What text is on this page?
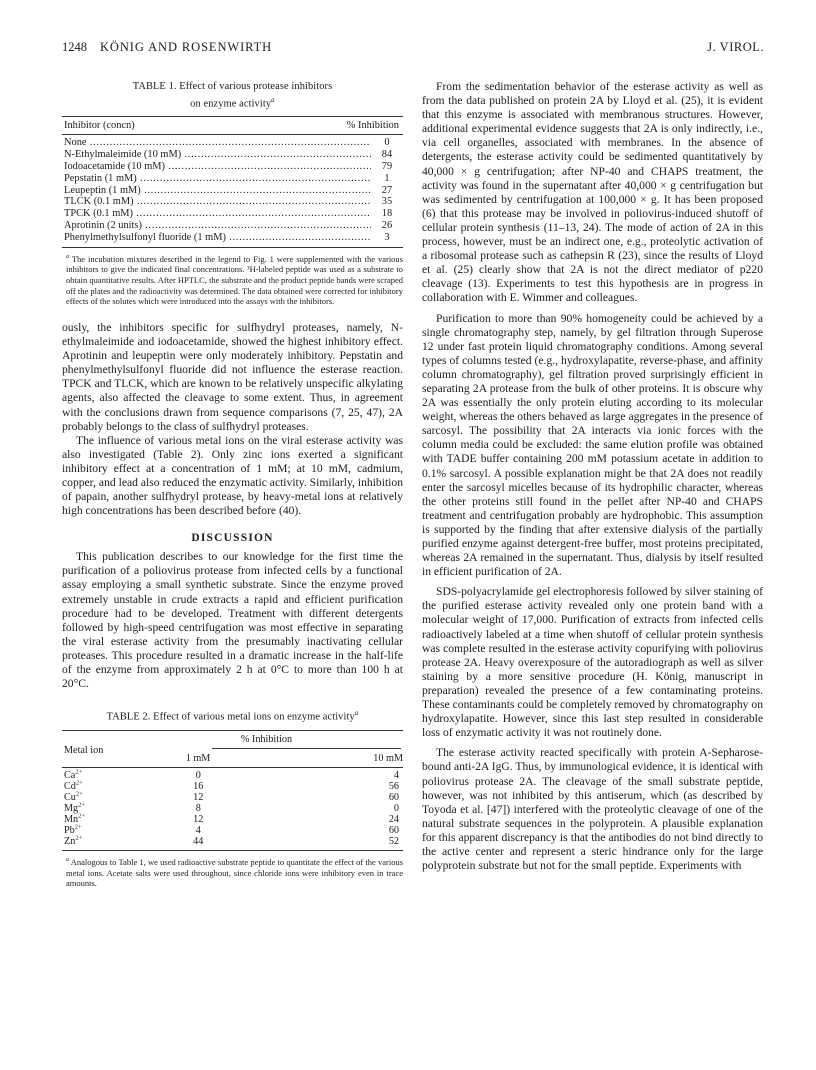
1248 KÖNIG AND ROSENWIRTH	J. VIROL.
TABLE 1. Effect of various protease inhibitors
on enzyme activity$^a$
Inhibitor (concn)	% Inhibition
None .....	0
N-Ethylmaleimide (10 mM) .....	84
Iodoacetamide (10 mM) .....	79
Pepstatin (1 mM) .....	1
Leupeptin (1 mM) .....	27
TLCK (0.1 mM) .....	35
TPCK (0.1 mM) .....	18
Aprotinin (2 units) .....	26
Phenylmethylsulfonyl fluoride (1 mM) .....	3
$^a$ The incubation mixtures described in the legend to Fig. 1 were supplemented with the various inhibitors to give the indicated final concentrations. ³H-labeled peptide was used as a substrate to obtain quantitative results. After HPTLC, the substrate and the product peptide bands were scraped off the plates and the radioactivity was determined. The data obtained were corrected for inhibitory effects of the solutes which were introduced into the assays with the inhibitors.

ously, the inhibitors specific for sulfhydryl proteases, namely, N-ethylmaleimide and iodoacetamide, showed the highest inhibitory effect. Aprotinin and leupeptin were only moderately inhibitory. Pepstatin and phenylmethylsulfonyl fluoride did not influence the esterase reaction. TPCK and TLCK, which are known to be relatively unspecific alkylating agents, also affected the cleavage to some extent. Thus, in agreement with the conclusions drawn from sequence comparisons (7, 25, 47), 2A probably belongs to the class of sulfhydryl proteases.

The influence of various metal ions on the viral esterase activity was also investigated (Table 2). Only zinc ions exerted a significant inhibitory effect at a concentration of 1 mM; at 10 mM, cadmium, copper, and lead also reduced the enzymatic activity. Similarly, inhibition of papain, another sulfhydryl protease, by heavy-metal ions at relatively high concentrations has been described before (40).

DISCUSSION

This publication describes to our knowledge for the first time the purification of a poliovirus protease from infected cells by a functional assay employing a small synthetic substrate. Since the enzyme proved extremely unstable in crude extracts a rapid and efficient purification procedure had to be developed. Treatment with different detergents followed by high-speed centrifugation was most effective in separating the viral esterase activity from the presumably inactivating cellular proteases. This procedure resulted in a dramatic increase in the half-life of the enzyme from approximately 2 h at 0°C to more than 100 h at 20°C.

TABLE 2. Effect of various metal ions on enzyme activity$^a$
Metal ion
% Inhibition
1 mM	10 mM
$Ca^{2+}$	0	4
$Cd^{2+}$	16	56
$Cu^{2+}$	12	60
$Mg^{2+}$	8	0
$Mn^{2+}$	12	24
$Pb^{2+}$	4	60
$Zn^{2+}$	44	52
$^a$ Analogous to Table 1, we used radioactive substrate peptide to quantitate the effect of the various metal ions. Acetate salts were used throughout, since chloride ions were inhibitory even in trace amounts.

From the sedimentation behavior of the esterase activity as well as from the data published on protein 2A by Lloyd et al. (25), it is evident that this enzyme is associated with membranous structures. However, additional experimental evidence suggests that 2A is only indirectly, i.e., via cell organelles, associated with membranes. In the absence of detergents, the esterase activity could be sedimented quantitatively by 40,000 × g centrifugation; after NP-40 and CHAPS treatment, the activity was found in the supernatant after 40,000 × g centrifugation but was sedimented by centrifugation at 100,000 × g. It has been proposed (6) that this protease may be involved in poliovirus-induced shutoff of cellular protein synthesis (11–13, 24). The mode of action of 2A in this process, however, must be an indirect one, e.g., proteolytic activation of a ribosomal protease such as cathepsin R (23), since the results of Lloyd et al. (25) clearly show that 2A is not the direct mediator of p220 cleavage (13). Experiments to test this hypothesis are in progress in collaboration with E. Wimmer and colleagues.

Purification to more than 90% homogeneity could be achieved by a single chromatography step, namely, by gel filtration through Superose 12 under fast protein liquid chromatography conditions. Among several types of columns tested (e.g., hydroxylapatite, reverse-phase, and affinity column chromatography), gel filtration proved surprisingly efficient in separating 2A protease from the bulk of other proteins. It is obscure why 2A was essentially the only protein eluting according to its molecular weight, whereas the others behaved as large aggregates in the presence of sarcosyl. The possibility that 2A interacts via ionic forces with the column media could be excluded: the same elution profile was obtained with TADE buffer containing 200 mM potassium acetate in addition to 0.1% sarcosyl. A possible explanation might be that 2A does not readily enter the sarcosyl micelles because of its hydrophilic character, whereas the other proteins still found in the pellet after NP-40 and CHAPS treatment and centrifugation probably are hydrophobic. This assumption is supported by the finding that after extensive dialysis of the partially purified enzyme against detergent-free buffer, most proteins precipitated, whereas 2A remained in the supernatant. Thus, dialysis by itself resulted in efficient purification of 2A.

SDS-polyacrylamide gel electrophoresis followed by silver staining of the purified esterase activity revealed only one protein band with a molecular weight of 17,000. Purification of extracts from infected cells radioactively labeled at a time when shutoff of cellular protein synthesis was complete resulted in the esterase activity copurifying with poliovirus protease 2A. Heavy overexposure of the autoradiograph as well as silver staining by a more sensitive procedure (H. König, manuscript in preparation) revealed the presence of a few contaminating proteins. These contaminants could be completely removed by chromatography on hydroxylapatite. However, since this last step resulted in considerable loss of enzymatic activity it was not routinely done.

The esterase activity reacted specifically with protein A-Sepharose-bound anti-2A IgG. Thus, by immunological evidence, it is identical with poliovirus protease 2A. The cleavage of the small substrate peptide, however, was not inhibited by this antiserum, which (as described by Toyoda et al. [47]) interfered with the proteolytic cleavage of one of the natural substrate sequences in the polyprotein. A plausible explanation for this apparent discrepancy is that the antibodies do not bind directly to the active center and represent a steric hindrance only for the large polyprotein substrate but not for the small peptide. Experiments with
